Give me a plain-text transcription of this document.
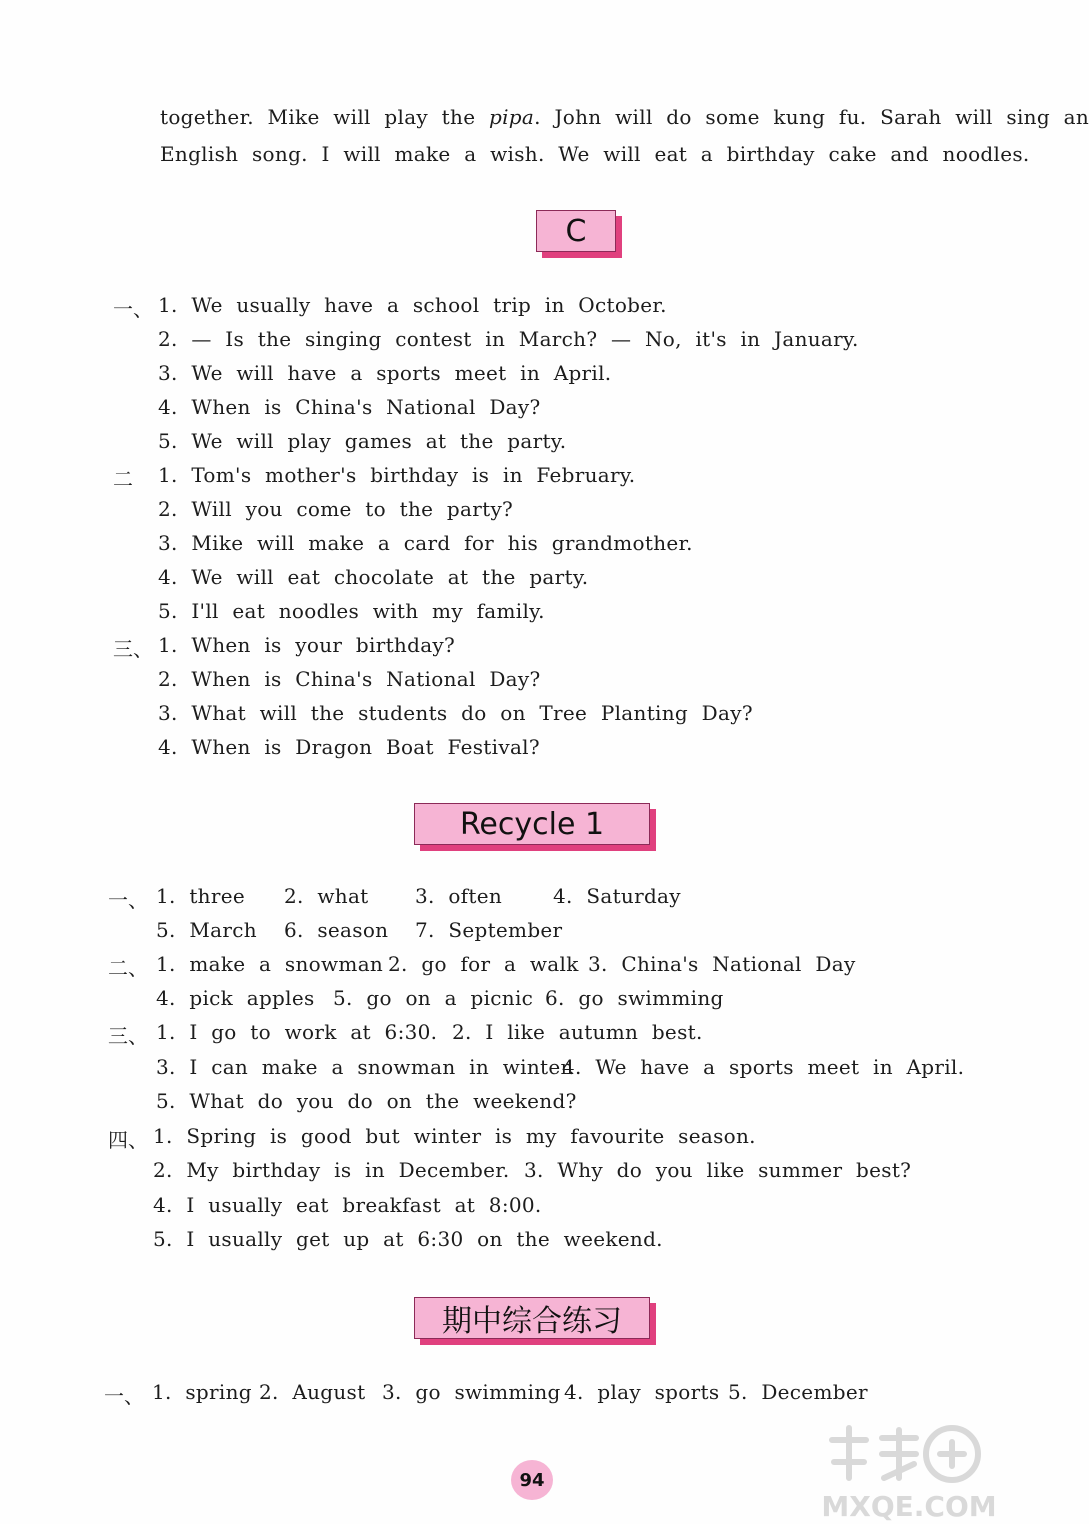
together. Mike will play the pipa. John will do some kung fu. Sarah will sing an
English song. I will make a wish. We will eat a birthday cake and noodles.
C
一、 1. We usually have a school trip in October.
2. — Is the singing contest in March? — No, it's in January.
3. We will have a sports meet in April.
4. When is China's National Day?
5. We will play games at the party.
二 1. Tom's mother's birthday is in February.
2. Will you come to the party?
3. Mike will make a card for his grandmother.
4. We will eat chocolate at the party.
5. I'll eat noodles with my family.
三、 1. When is your birthday?
2. When is China's National Day?
3. What will the students do on Tree Planting Day?
4. When is Dragon Boat Festival?
Recycle 1
一、 1. three 2. what 3. often	4. Saturday
5. March 6. season 7. September
二、 1. make a snowman 2. go for a walk 3. China's National Day
4. pick apples 5. go on a picnic 6. go swimming
三、 1. I go to work at 6:30. 2. I like autumn best.
3. I can make a snowman in winter.
4. We have a sports meet in April.
5. What do you do on the weekend?
四、 1. Spring is good but winter is my favourite season.
2. My birthday is in December. 3. Why do you like summer best?
4. I usually eat breakfast at 8:00.
5. I usually get up at 6:30 on the weekend.
期中综合练习
一、 1. spring 2. August 3. go swimming 4. play sports 5. December
94
MXQE.COM
